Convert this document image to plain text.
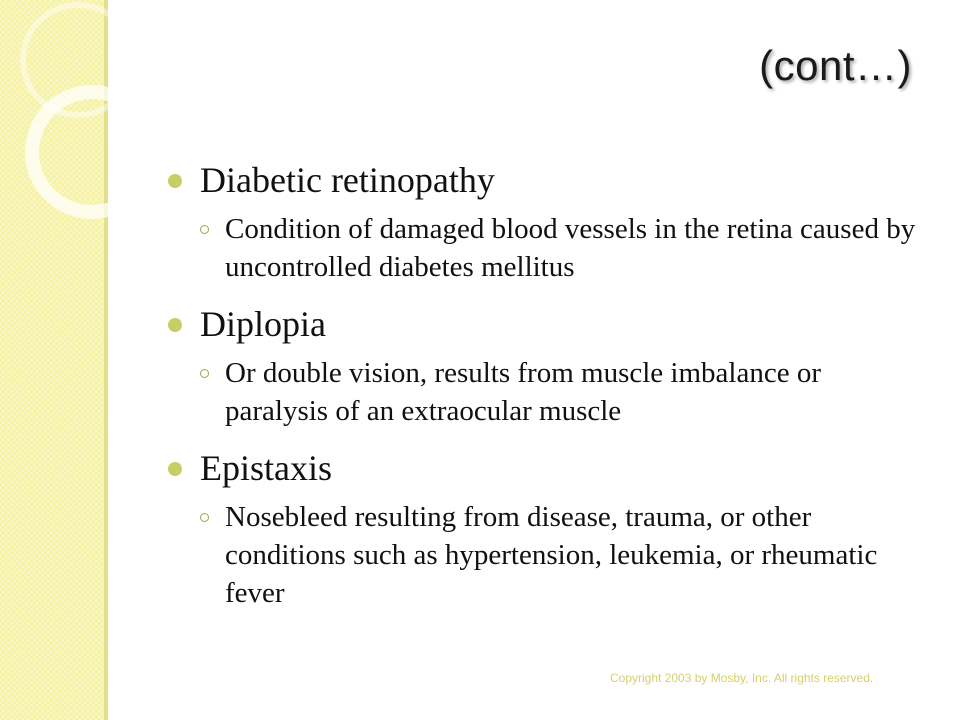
(cont…)
Diabetic retinopathy
Condition of damaged blood vessels in the retina caused by uncontrolled diabetes mellitus
Diplopia
Or double vision, results from muscle imbalance or paralysis of an extraocular muscle
Epistaxis
Nosebleed resulting from disease, trauma, or other conditions such as hypertension, leukemia, or rheumatic fever
Copyright 2003 by Mosby, Inc. All rights reserved.
